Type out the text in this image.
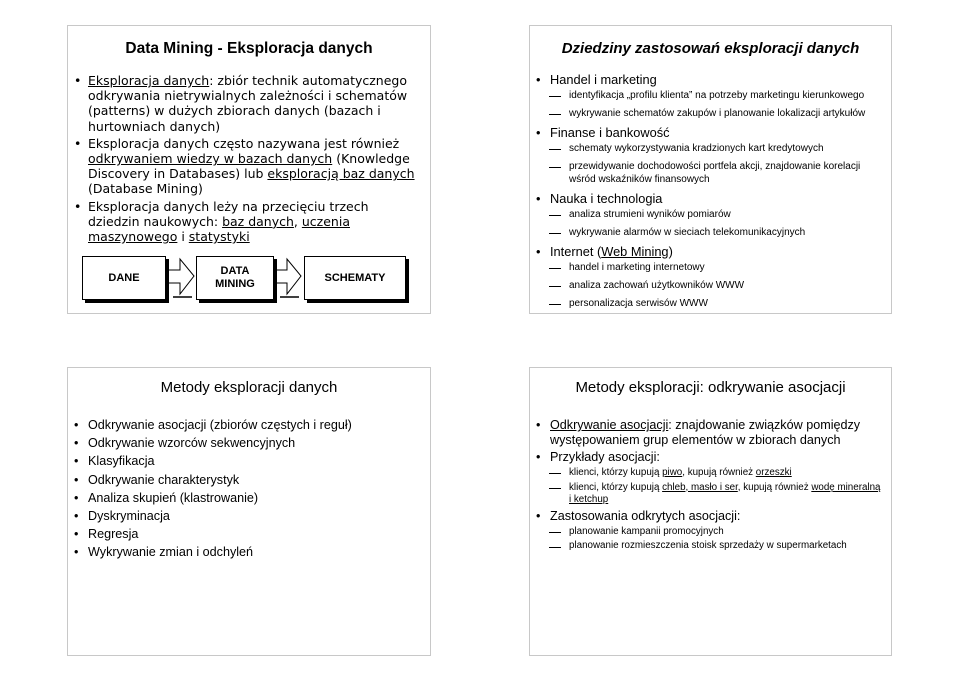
Data Mining - Eksploracja danych
• Eksploracja danych: zbiór technik automatycznego odkrywania nietrywialnych zależności i schematów (patterns) w dużych zbiorach danych (bazach i hurtowniach danych)
• Eksploracja danych często nazywana jest również odkrywaniem wiedzy w bazach danych (Knowledge Discovery in Databases) lub eksploracją baz danych (Database Mining)
• Eksploracja danych leży na przecięciu trzech dziedzin naukowych: baz danych, uczenia maszynowego i statystyki
DANE
DATA
MINING
SCHEMATY
Dziedziny zastosowań eksploracji danych
• Handel i marketing
identyfikacja „profilu klienta” na potrzeby marketingu kierunkowego
wykrywanie schematów zakupów i planowanie lokalizacji artykułów
• Finanse i bankowość
schematy wykorzystywania kradzionych kart kredytowych
przewidywanie dochodowości portfela akcji, znajdowanie korelacji wśród wskaźników finansowych
• Nauka i technologia
analiza strumieni wyników pomiarów
wykrywanie alarmów w sieciach telekomunikacyjnych
• Internet (Web Mining)
handel i marketing internetowy
analiza zachowań użytkowników WWW
personalizacja serwisów WWW
Metody eksploracji danych
• Odkrywanie asocjacji (zbiorów częstych i reguł)
• Odkrywanie wzorców sekwencyjnych
• Klasyfikacja
• Odkrywanie charakterystyk
• Analiza skupień (klastrowanie)
• Dyskryminacja
• Regresja
• Wykrywanie zmian i odchyleń
Metody eksploracji: odkrywanie asocjacji
• Odkrywanie asocjacji: znajdowanie związków pomiędzy występowaniem grup elementów w zbiorach danych
• Przykłady asocjacji:
klienci, którzy kupują piwo, kupują również orzeszki
klienci, którzy kupują chleb, masło i ser, kupują również wodę mineralną i ketchup
• Zastosowania odkrytych asocjacji:
planowanie kampanii promocyjnych
planowanie rozmieszczenia stoisk sprzedaży w supermarketach
